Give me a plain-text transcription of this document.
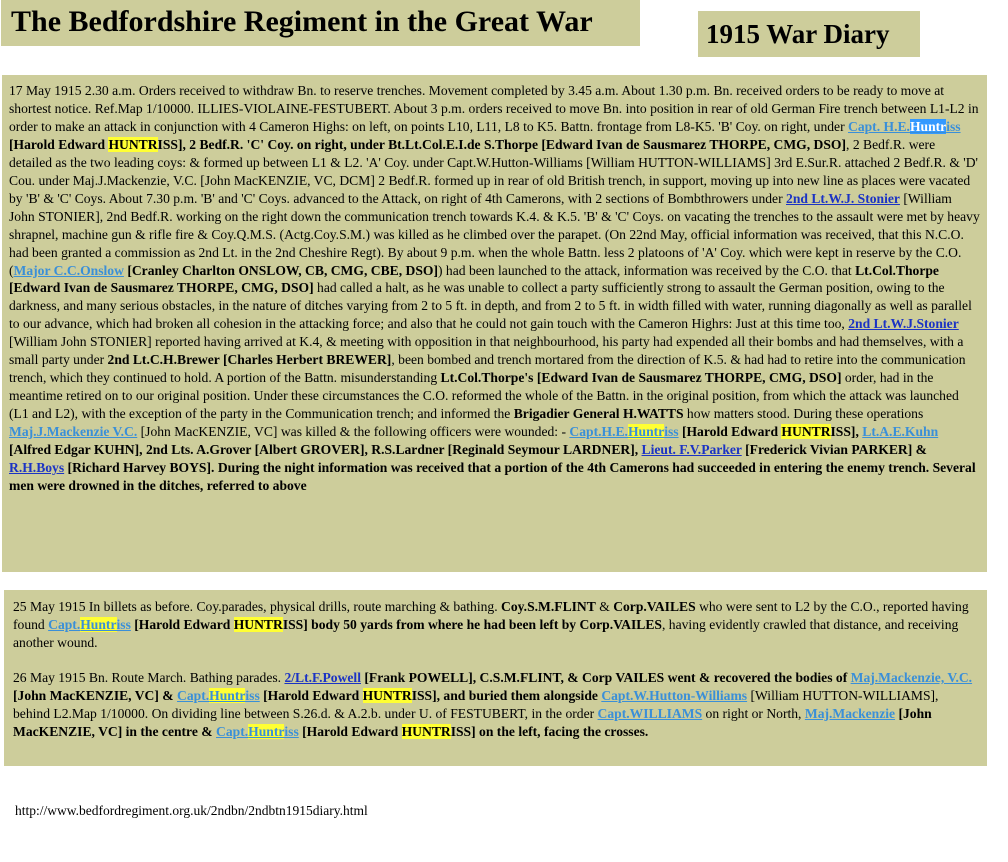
The Bedfordshire Regiment in the Great War	1915 War Diary

17 May 1915 2.30 a.m. Orders received to withdraw Bn. to reserve trenches. Movement completed by 3.45 a.m. About 1.30 p.m. Bn. received orders to be ready to move at shortest notice. Ref.Map 1/10000. ILLIES-VIOLAINE-FESTUBERT. About 3 p.m. orders received to move Bn. into position in rear of old German Fire trench between L1-L2 in order to make an attack in conjunction with 4 Cameron Highs: on left, on points L10, L11, L8 to K5. Battn. frontage from L8-K5. 'B' Coy. on right, under Capt. H.E.Huntriss [Harold Edward HUNTRISS], 2 Bedf.R. 'C' Coy. on right, under Bt.Lt.Col.E.I.de S.Thorpe [Edward Ivan de Sausmarez THORPE, CMG, DSO], 2 Bedf.R. were detailed as the two leading coys: & formed up between L1 & L2. 'A' Coy. under Capt.W.Hutton-Williams [William HUTTON-WILLIAMS] 3rd E.Sur.R. attached 2 Bedf.R. & 'D' Cou. under Maj.J.Mackenzie, V.C. [John MacKENZIE, VC, DCM] 2 Bedf.R. formed up in rear of old British trench, in support, moving up into new line as places were vacated by 'B' & 'C' Coys. About 7.30 p.m. 'B' and 'C' Coys. advanced to the Attack, on right of 4th Camerons, with 2 sections of Bombthrowers under 2nd Lt.W.J. Stonier [William John STONIER], 2nd Bedf.R. working on the right down the communication trench towards K.4. & K.5. 'B' & 'C' Coys. on vacating the trenches to the assault were met by heavy shrapnel, machine gun & rifle fire & Coy.Q.M.S. (Actg.Coy.S.M.) was killed as he climbed over the parapet. (On 22nd May, official information was received, that this N.C.O. had been granted a commission as 2nd Lt. in the 2nd Cheshire Regt). By about 9 p.m. when the whole Battn. less 2 platoons of 'A' Coy. which were kept in reserve by the C.O. (Major C.C.Onslow [Cranley Charlton ONSLOW, CB, CMG, CBE, DSO]) had been launched to the attack, information was received by the C.O. that Lt.Col.Thorpe [Edward Ivan de Sausmarez THORPE, CMG, DSO] had called a halt, as he was unable to collect a party sufficiently strong to assault the German position, owing to the darkness, and many serious obstacles, in the nature of ditches varying from 2 to 5 ft. in depth, and from 2 to 5 ft. in width filled with water, running diagonally as well as parallel to our advance, which had broken all cohesion in the attacking force; and also that he could not gain touch with the Cameron Highrs: Just at this time too, 2nd Lt.W.J.Stonier [William John STONIER] reported having arrived at K.4, & meeting with opposition in that neighbourhood, his party had expended all their bombs and had themselves, with a small party under 2nd Lt.C.H.Brewer [Charles Herbert BREWER], been bombed and trench mortared from the direction of K.5. & had had to retire into the communication trench, which they continued to hold. A portion of the Battn. misunderstanding Lt.Col.Thorpe's [Edward Ivan de Sausmarez THORPE, CMG, DSO] order, had in the meantime retired on to our original position. Under these circumstances the C.O. reformed the whole of the Battn. in the original position, from which the attack was launched (L1 and L2), with the exception of the party in the Communication trench; and informed the Brigadier General H.WATTS how matters stood. During these operations Maj.J.Mackenzie V.C. [John MacKENZIE, VC] was killed & the following officers were wounded: - Capt.H.E.Huntriss [Harold Edward HUNTRISS], Lt.A.E.Kuhn [Alfred Edgar KUHN], 2nd Lts. A.Grover [Albert GROVER], R.S.Lardner [Reginald Seymour LARDNER], Lieut. F.V.Parker [Frederick Vivian PARKER] & R.H.Boys [Richard Harvey BOYS]. During the night information was received that a portion of the 4th Camerons had succeeded in entering the enemy trench. Several men were drowned in the ditches, referred to above

25 May 1915 In billets as before. Coy.parades, physical drills, route marching & bathing. Coy.S.M.FLINT & Corp.VAILES who were sent to L2 by the C.O., reported having found Capt.Huntriss [Harold Edward HUNTRISS] body 50 yards from where he had been left by Corp.VAILES, having evidently crawled that distance, and receiving another wound.

26 May 1915 Bn. Route March. Bathing parades. 2/Lt.F.Powell [Frank POWELL], C.S.M.FLINT, & Corp VAILES went & recovered the bodies of Maj.Mackenzie, V.C. [John MacKENZIE, VC] & Capt.Huntriss [Harold Edward HUNTRISS], and buried them alongside Capt.W.Hutton-Williams [William HUTTON-WILLIAMS], behind L2.Map 1/10000. On dividing line between S.26.d. & A.2.b. under U. of FESTUBERT, in the order Capt.WILLIAMS on right or North, Maj.Mackenzie [John MacKENZIE, VC] in the centre & Capt.Huntriss [Harold Edward HUNTRISS] on the left, facing the crosses.

http://www.bedfordregiment.org.uk/2ndbn/2ndbtn1915diary.html
